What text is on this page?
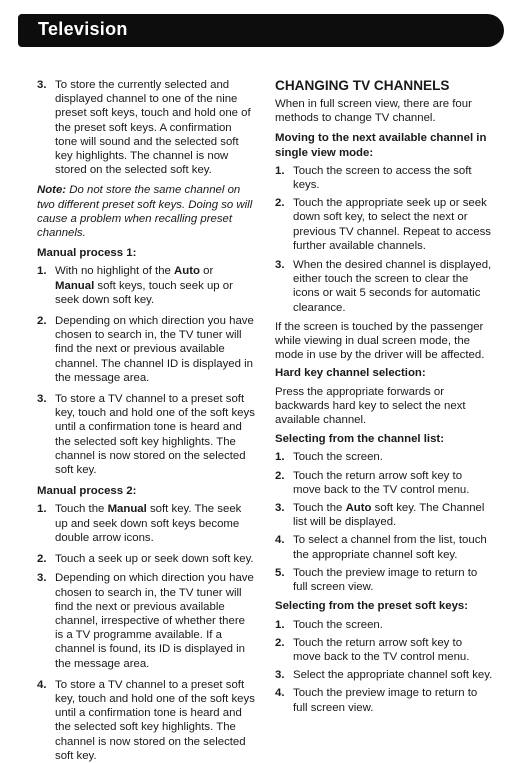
Television
3. To store the currently selected and displayed channel to one of the nine preset soft keys, touch and hold one of the preset soft keys. A confirmation tone will sound and the selected soft key highlights. The channel is now stored on the selected soft key.
Note: Do not store the same channel on two different preset soft keys. Doing so will cause a problem when recalling preset channels.
Manual process 1:
1. With no highlight of the Auto or Manual soft keys, touch seek up or seek down soft key.
2. Depending on which direction you have chosen to search in, the TV tuner will find the next or previous available channel. The channel ID is displayed in the message area.
3. To store a TV channel to a preset soft key, touch and hold one of the soft keys until a confirmation tone is heard and the selected soft key highlights. The channel is now stored on the selected soft key.
Manual process 2:
1. Touch the Manual soft key. The seek up and seek down soft keys become double arrow icons.
2. Touch a seek up or seek down soft key.
3. Depending on which direction you have chosen to search in, the TV tuner will find the next or previous available channel, irrespective of whether there is a TV programme available. If a channel is found, its ID is displayed in the message area.
4. To store a TV channel to a preset soft key, touch and hold one of the soft keys until a confirmation tone is heard and the selected soft key highlights. The channel is now stored on the selected soft key.
CHANGING TV CHANNELS
When in full screen view, there are four methods to change TV channel.
Moving to the next available channel in single view mode:
1. Touch the screen to access the soft keys.
2. Touch the appropriate seek up or seek down soft key, to select the next or previous TV channel. Repeat to access further available channels.
3. When the desired channel is displayed, either touch the screen to clear the icons or wait 5 seconds for automatic clearance.
If the screen is touched by the passenger while viewing in dual screen mode, the mode in use by the driver will be affected.
Hard key channel selection:
Press the appropriate forwards or backwards hard key to select the next available channel.
Selecting from the channel list:
1. Touch the screen.
2. Touch the return arrow soft key to move back to the TV control menu.
3. Touch the Auto soft key. The Channel list will be displayed.
4. To select a channel from the list, touch the appropriate channel soft key.
5. Touch the preview image to return to full screen view.
Selecting from the preset soft keys:
1. Touch the screen.
2. Touch the return arrow soft key to move back to the TV control menu.
3. Select the appropriate channel soft key.
4. Touch the preview image to return to full screen view.
